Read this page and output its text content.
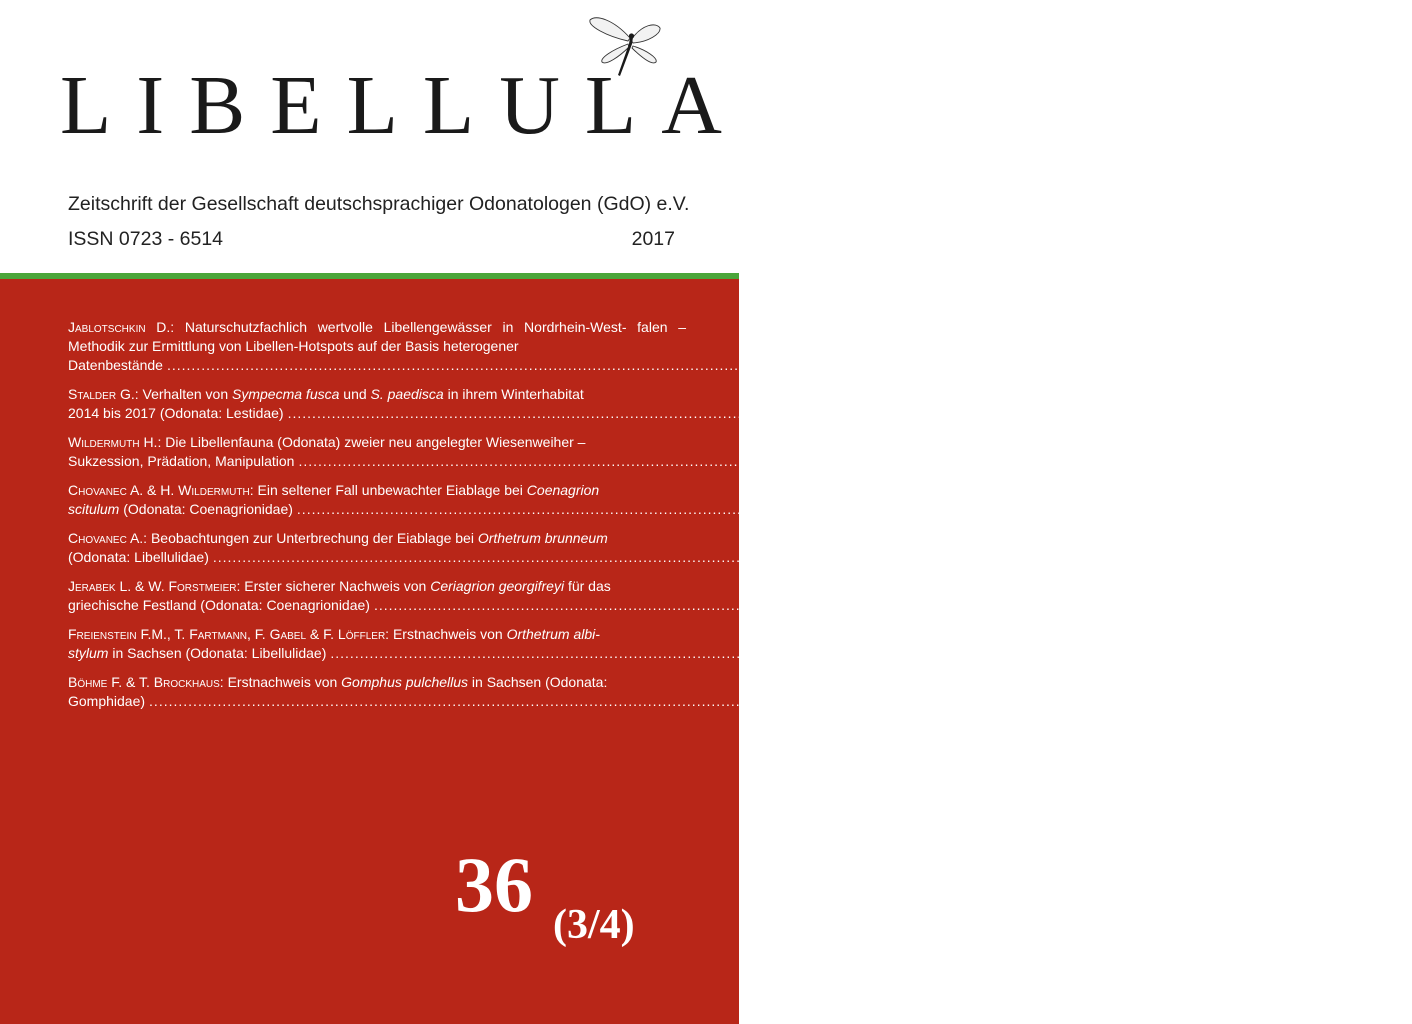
LIBELLULA
Zeitschrift der Gesellschaft deutschsprachiger Odonatologen (GdO) e.V.
ISSN 0723 - 6514	2017

Jablotschkin D.: Naturschutzfachlich wertvolle Libellengewässer in Nordrhein-West- falen – Methodik zur Ermittlung von Libellen-Hotspots auf der Basis heterogener

Datenbestände ........................................................................................................................................................................................................ 67–88

Stalder G.: Verhalten von Sympecma fusca und S. paedisca in ihrem Winterhabitat

2014 bis 2017 (Odonata: Lestidae) ........................................................................................................................................................................................................ 89–108

Wildermuth H.: Die Libellenfauna (Odonata) zweier neu angelegter Wiesenweiher –

Sukzession, Prädation, Manipulation ........................................................................................................................................................................................................ 109–134

Chovanec A. & H. Wildermuth: Ein seltener Fall unbewachter Eiablage bei Coenagrion

scitulum (Odonata: Coenagrionidae) ........................................................................................................................................................................................................ 135–138

Chovanec A.: Beobachtungen zur Unterbrechung der Eiablage bei Orthetrum brunneum

(Odonata: Libellulidae) ........................................................................................................................................................................................................ 139–144

Jerabek L. & W. Forstmeier: Erster sicherer Nachweis von Ceriagrion georgifreyi für das

griechische Festland (Odonata: Coenagrionidae) ........................................................................................................................................................................................................ 145–148

Freienstein F.M., T. Fartmann, F. Gabel & F. Löffler: Erstnachweis von Orthetrum albi-

stylum in Sachsen (Odonata: Libellulidae) ........................................................................................................................................................................................................ 149–158

Böhme F. & T. Brockhaus: Erstnachweis von Gomphus pulchellus in Sachsen (Odonata:

Gomphidae) ........................................................................................................................................................................................................ 159–161
36 (3/4)
